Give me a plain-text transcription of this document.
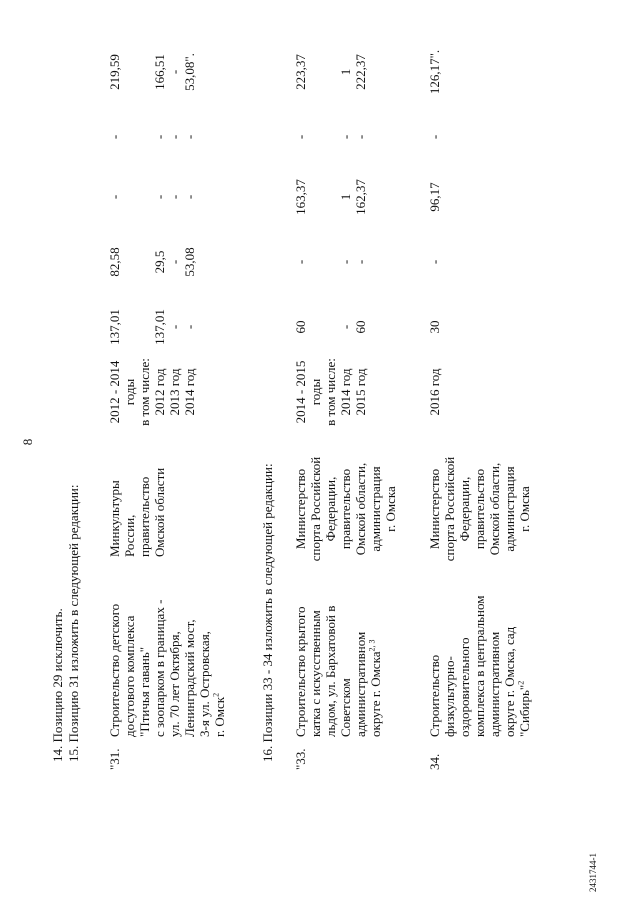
8
14. Позицию 29 исключить. 15. Позицию 31 изложить в следующей редакции: "31.
Строительство детского
досугового комплекса
"Птичья гавань"
с зоопарком в границах -
ул. 70 лет Октября,
Ленинградский мост,
3-я ул. Островская,
г. Омск$^2$
Минкультуры
России,
правительство
Омской области
2012 - 2014
годы
в том числе:
2012 год
2013 год
2014 год
137,01

137,01
-
-
82,58

29,5
-
53,08
-

-
-
-
-

-
-
-
219,59

166,51
-
53,08".
16. Позиции 33 - 34 изложить в следующей редакции: "33.
Строительство крытого
катка с искусственным
льдом, ул. Бархатовой в
Советском
административном
округе г. Омска$^{2, 3}$
Министерство
спорта Российской
Федерации,
правительство
Омской области,
администрация
г. Омска
2014 - 2015
годы
в том числе:
2014 год
2015 год
60

-
60
-

-
-
163,37

1
162,37
-

-
-
223,37

1
222,37
34.
Строительство
физкультурно-
оздоровительного
комплекса в центральном
административном
округе г. Омска, сад
"Сибирь"$^2$
Министерство
спорта Российской
Федерации,
правительство
Омской области,
администрация
г. Омска
2016 год
30
-
96,17
-
126,17".
2431744-1
